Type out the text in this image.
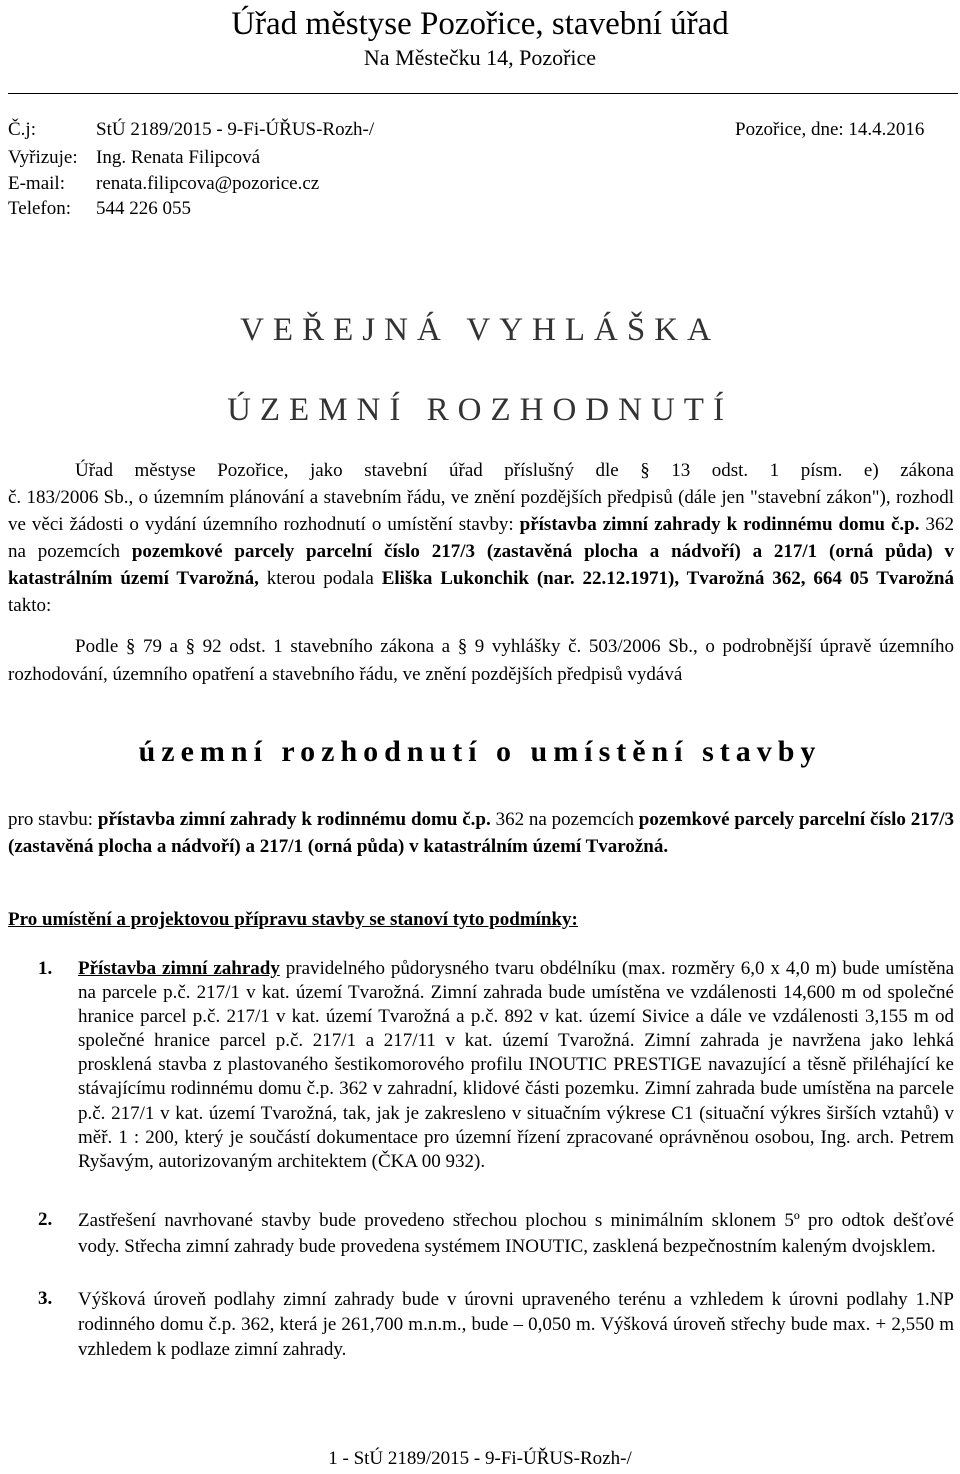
Úřad městyse Pozořice, stavební úřad
Na Městečku 14, Pozořice
Č.j:	StÚ 2189/2015 - 9-Fi-ÚŘUS-Rozh-/	Pozořice, dne: 14.4.2016
Vyřizuje: Ing. Renata Filipcová
E-mail: renata.filipcova@pozorice.cz
Telefon: 544 226 055
VEŘEJNÁ VYHLÁŠKA
ÚZEMNÍ ROZHODNUTÍ

Úřad městyse Pozořice, jako stavební úřad příslušný dle § 13 odst. 1 písm. e) zákona

č. 183/2006 Sb., o územním plánování a stavebním řádu, ve znění pozdějších předpisů (dále jen "stavební zákon"), rozhodl ve věci žádosti o vydání územního rozhodnutí o umístění stavby: přístavba zimní zahrady k rodinnému domu č.p. 362 na pozemcích pozemkové parcely parcelní číslo 217/3 (zastavěná plocha a nádvoří) a 217/1 (orná půda) v katastrálním území Tvarožná, kterou podala Eliška Lukonchik (nar. 22.12.1971), Tvarožná 362, 664 05 Tvarožná takto:

Podle § 79 a § 92 odst. 1 stavebního zákona a § 9 vyhlášky č. 503/2006 Sb., o podrobnější úpravě územního rozhodování, územního opatření a stavebního řádu, ve znění pozdějších předpisů vydává

územní rozhodnutí o umístění stavby

pro stavbu: přístavba zimní zahrady k rodinnému domu č.p. 362 na pozemcích pozemkové parcely parcelní číslo 217/3 (zastavěná plocha a nádvoří) a 217/1 (orná půda) v katastrálním území Tvarožná.

Pro umístění a projektovou přípravu stavby se stanoví tyto podmínky:
1. Přístavba zimní zahrady pravidelného půdorysného tvaru obdélníku (max. rozměry 6,0 x 4,0 m) bude umístěna na parcele p.č. 217/1 v kat. území Tvarožná. Zimní zahrada bude umístěna ve vzdálenosti 14,600 m od společné hranice parcel p.č. 217/1 v kat. území Tvarožná a p.č. 892 v kat. území Sivice a dále ve vzdálenosti 3,155 m od společné hranice parcel p.č. 217/1 a 217/11 v kat. území Tvarožná. Zimní zahrada je navržena jako lehká prosklená stavba z plastovaného šestikomorového profilu INOUTIC PRESTIGE navazující a těsně přiléhající ke stávajícímu rodinnému domu č.p. 362 v zahradní, klidové části pozemku. Zimní zahrada bude umístěna na parcele p.č. 217/1 v kat. území Tvarožná, tak, jak je zakresleno v situačním výkrese C1 (situační výkres širších vztahů) v měř. 1 : 200, který je součástí dokumentace pro územní řízení zpracované oprávněnou osobou, Ing. arch. Petrem Ryšavým, autorizovaným architektem (ČKA 00 932).

2. Zastřešení navrhované stavby bude provedeno střechou plochou s minimálním sklonem 5º pro odtok dešťové vody. Střecha zimní zahrady bude provedena systémem INOUTIC, zasklená bezpečnostním kaleným dvojsklem.

3. Výšková úroveň podlahy zimní zahrady bude v úrovni upraveného terénu a vzhledem k úrovni podlahy 1.NP rodinného domu č.p. 362, která je 261,700 m.n.m., bude – 0,050 m. Výšková úroveň střechy bude max. + 2,550 m vzhledem k podlaze zimní zahrady.

1 - StÚ 2189/2015 - 9-Fi-ÚŘUS-Rozh-/
